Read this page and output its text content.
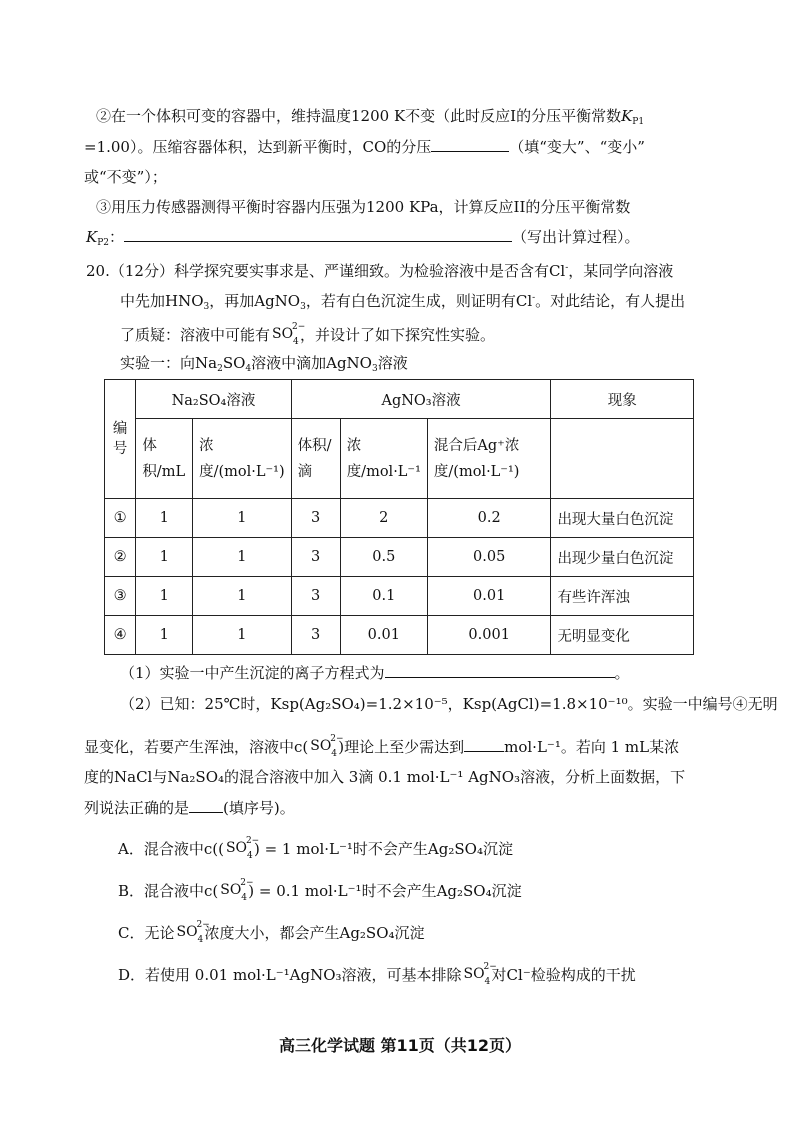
②在一个体积可变的容器中，维持温度1200 K不变（此时反应I的分压平衡常数$K_{P1}$
=1.00）。压缩容器体积，达到新平衡时，CO的分压	（填“变大”、“变小”
或“不变”）；
③用压力传感器测得平衡时容器内压强为1200 KPa，计算反应II的分压平衡常数
$K_{P2}$：	（写出计算过程）。
20.（12分）科学探究要实事求是、严谨细致。为检验溶液中是否含有Cl-，某同学向溶液
中先加$HNO_3$，再加AgNO$_3$，若有白色沉淀生成，则证明有Cl-。对此结论，有人提出
了质疑：溶液中可能有 SO
2−
4 ，并设计了如下探究性实验。
实验一：向$Na_2SO_4$溶液中滴加AgNO$_3$溶液
编号	Na₂SO₄溶液		AgNO₃溶液			现象
	体积/mL	浓度/(mol·L⁻¹)	体积/滴	浓度/mol·L⁻¹	混合后Ag⁺浓度/(mol·L⁻¹)	
①	1	1	3	2	0.2	出现大量白色沉淀
②	1	1	3	0.5	0.05	出现少量白色沉淀
③	1	1	3	0.1	0.01	有些许浑浊
④	1	1	3	0.01	0.001	无明显变化
（1）实验一中产生沉淀的离子方程式为	。
（2）已知：25℃时，Ksp(Ag₂SO₄)=1.2×10⁻⁵，Ksp(AgCl)=1.8×10⁻¹⁰。实验一中编号④无明
显变化，若要产生浑浊，溶液中c( SO
2−
4 )理论上至少需达到	mol·L⁻¹。若向 1 mL某浓
度的NaCl与Na₂SO₄的混合溶液中加入 3滴 0.1 mol·L⁻¹ AgNO₃溶液，分析上面数据，下
列说法正确的是 (填序号)。
A．混合液中c(( SO
2−
4 ) = 1 mol·L⁻¹时不会产生Ag₂SO₄沉淀
B．混合液中c( SO
2−
4 ) = 0.1 mol·L⁻¹时不会产生Ag₂SO₄沉淀
C．无论 SO
2−
4 浓度大小，都会产生Ag₂SO₄沉淀
D．若使用 0.01 mol·L⁻¹AgNO₃溶液，可基本排除 SO
2−
4 对Cl⁻检验构成的干扰
高三化学试题 第11页（共12页）
